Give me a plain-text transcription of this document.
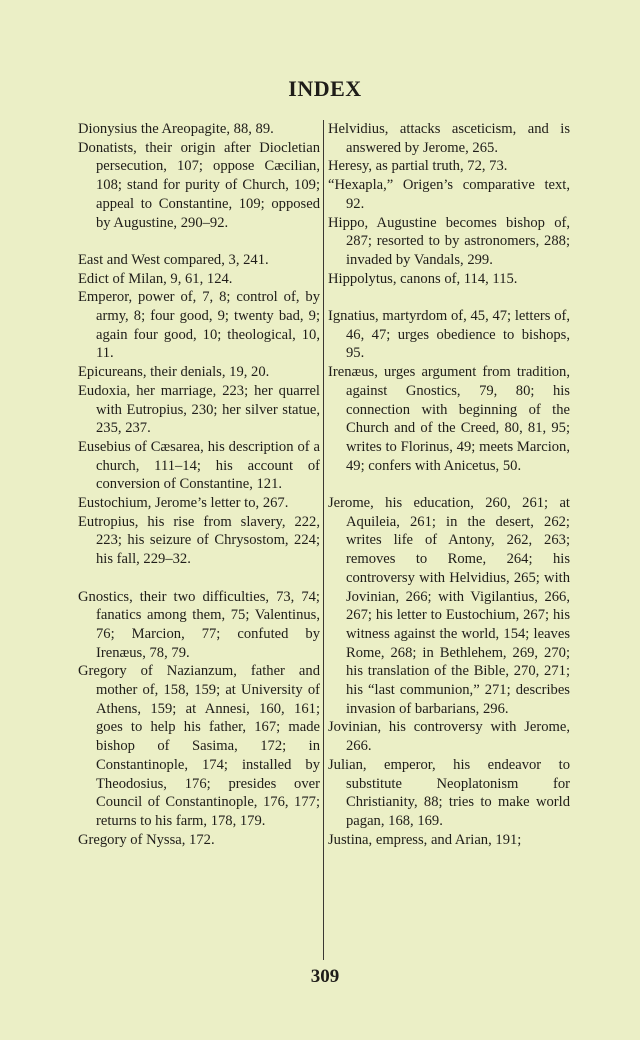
INDEX

Dionysius the Areopagite, 88, 89.

Donatists, their origin after Diocletian persecution, 107; oppose Cæcilian, 108; stand for purity of Church, 109; appeal to Constantine, 109; opposed by Augustine, 290–92.

East and West compared, 3, 241.

Edict of Milan, 9, 61, 124.

Emperor, power of, 7, 8; control of, by army, 8; four good, 9; twenty bad, 9; again four good, 10; theological, 10, 11.

Epicureans, their denials, 19, 20.

Eudoxia, her marriage, 223; her quarrel with Eutropius, 230; her silver statue, 235, 237.

Eusebius of Cæsarea, his description of a church, 111–14; his account of conversion of Constantine, 121.

Eustochium, Jerome’s letter to, 267.

Eutropius, his rise from slavery, 222, 223; his seizure of Chrysostom, 224; his fall, 229–32.

Gnostics, their two difficulties, 73, 74; fanatics among them, 75; Valentinus, 76; Marcion, 77; confuted by Irenæus, 78, 79.

Gregory of Nazianzum, father and mother of, 158, 159; at University of Athens, 159; at Annesi, 160, 161; goes to help his father, 167; made bishop of Sasima, 172; in Constantinople, 174; installed by Theodosius, 176; presides over Council of Constantinople, 176, 177; returns to his farm, 178, 179.

Gregory of Nyssa, 172.

Helvidius, attacks asceticism, and is answered by Jerome, 265.

Heresy, as partial truth, 72, 73.

“Hexapla,” Origen’s comparative text, 92.

Hippo, Augustine becomes bishop of, 287; resorted to by astronomers, 288; invaded by Vandals, 299.

Hippolytus, canons of, 114, 115.

Ignatius, martyrdom of, 45, 47; letters of, 46, 47; urges obedience to bishops, 95.

Irenæus, urges argument from tradition, against Gnostics, 79, 80; his connection with beginning of the Church and of the Creed, 80, 81, 95; writes to Florinus, 49; meets Marcion, 49; confers with Anicetus, 50.

Jerome, his education, 260, 261; at Aquileia, 261; in the desert, 262; writes life of Antony, 262, 263; removes to Rome, 264; his controversy with Helvidius, 265; with Jovinian, 266; with Vigilantius, 266, 267; his letter to Eustochium, 267; his witness against the world, 154; leaves Rome, 268; in Bethlehem, 269, 270; his translation of the Bible, 270, 271; his “last communion,” 271; describes invasion of barbarians, 296.

Jovinian, his controversy with Jerome, 266.

Julian, emperor, his endeavor to substitute Neoplatonism for Christianity, 88; tries to make world pagan, 168, 169.

Justina, empress, and Arian, 191;

309
